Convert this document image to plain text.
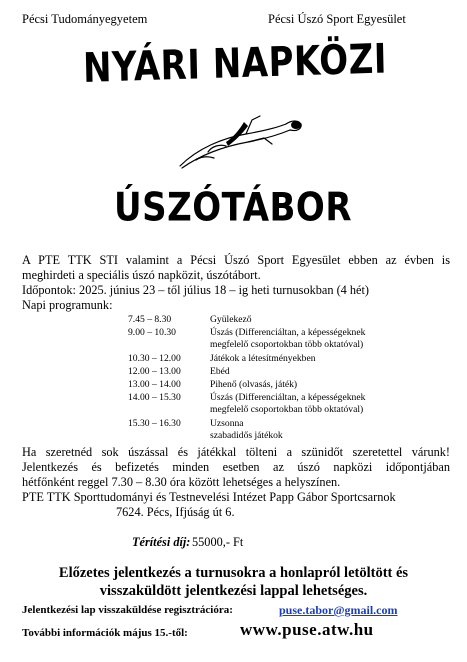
Pécsi Tudományegyetem	Pécsi Úszó Sport Egyesület
NYÁRI NAPKÖZI
ÚSZÓTÁBOR
A PTE TTK STI valamint a Pécsi Úszó Sport Egyesület ebben az évben is
meghirdeti a speciális úszó napközit, úszótábort.
Időpontok: 2025. június 23 – től július 18 – ig heti turnusokban (4 hét)
Napi programunk:
7.45 – 8.30	Gyülekező
9.00 – 10.30	Úszás (Differenciáltan, a képességeknek
megfelelő csoportokban több oktatóval)
10.30 – 12.00	Játékok a létesítményekben
12.00 – 13.00	Ebéd
13.00 – 14.00	Pihenő (olvasás, játék)
14.00 – 15.30	Úszás (Differenciáltan, a képességeknek
megfelelő csoportokban több oktatóval)
15.30 – 16.30	Uzsonna
szabadidős játékok
Ha szeretnéd sok úszással és játékkal tölteni a szünidőt szeretettel várunk!
Jelentkezés és befizetés minden esetben az úszó napközi időpontjában
hétfőnként reggel 7.30 – 8.30 óra között lehetséges a helyszínen.
PTE TTK Sporttudományi és Testnevelési Intézet Papp Gábor Sportcsarnok
7624. Pécs, Ifjúság út 6.
Térítési díj: 55000,- Ft
Előzetes jelentkezés a turnusokra a honlapról letöltött és
visszaküldött jelentkezési lappal lehetséges.
Jelentkezési lap visszaküldése regisztrációra:	puse.tabor@gmail.com
További információk május 15.-től:	www.puse.atw.hu
